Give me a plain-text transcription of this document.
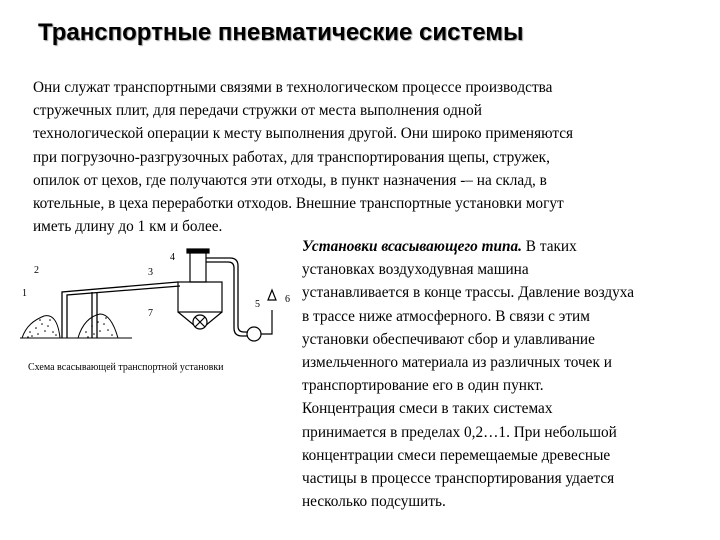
Транспортные пневматические системы
Они служат транспортными связями в технологическом процессе производства
стружечных плит, для передачи стружки от места выполнения одной
технологической операции к месту выполнения другой. Они широко применяются
при погрузочно-разгрузочных работах, для транспортирования щепы, стружек,
опилок от цехов, где получаются эти отходы, в пункт назначения -– на склад, в
котельные, в цеха переработки отходов. Внешние транспортные установки могут
иметь длину до 1 км и более.
1
2	3
4
5	6
7
Схема всасывающей транспортной установки
Установки всасывающего типа. В таких
установках воздуходувная машина
устанавливается в конце трассы. Давление воздуха
в трассе ниже атмосферного. В связи с этим
установки обеспечивают сбор и улавливание
измельченного материала из различных точек и
транспортирование его в один пункт.
Концентрация смеси в таких системах
принимается в пределах 0,2…1. При небольшой
концентрации смеси перемещаемые древесные
частицы в процессе транспортирования удается
несколько подсушить.
